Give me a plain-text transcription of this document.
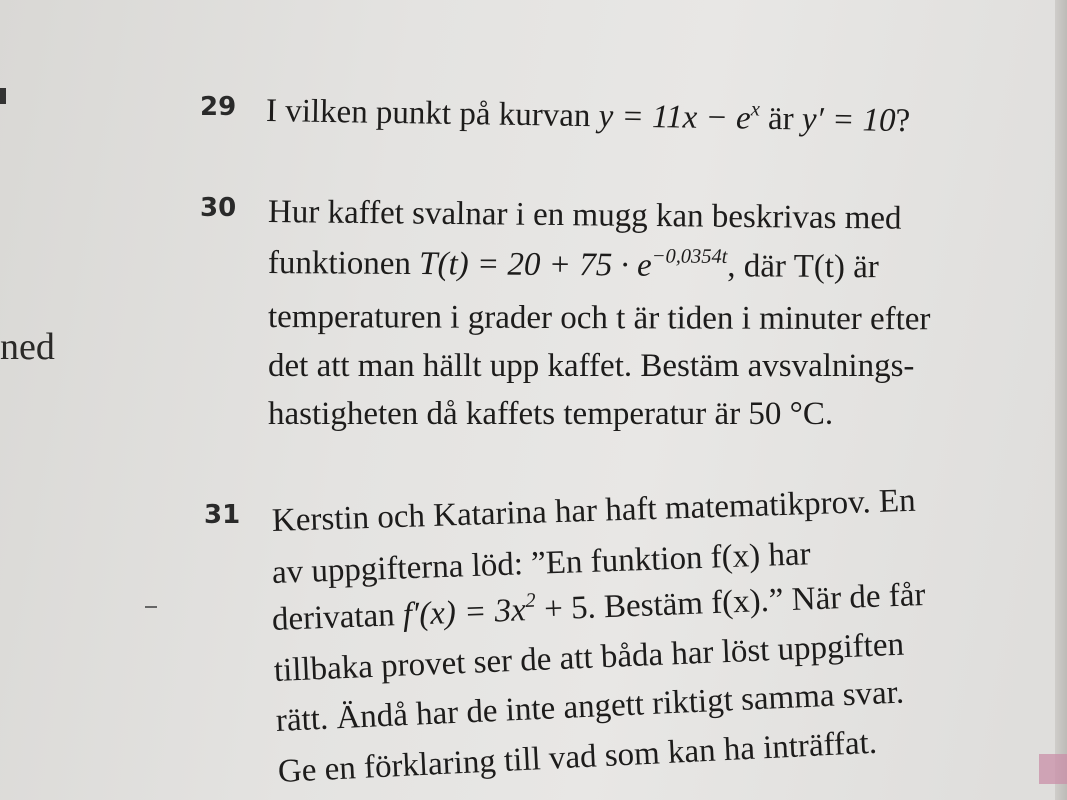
ned
29 I vilken punkt på kurvan $y = 11x - e^x$ är y′ = 10?
30 Hur kaffet svalnar i en mugg kan beskrivas med
funktionen $T(t) = 20 + 75 \cdot e^{-0,0354t}$, där T(t) är
temperaturen i grader och t är tiden i minuter efter
det att man hällt upp kaffet. Bestäm avsvalnings-
hastigheten då kaffets temperatur är 50 °C.
31 Kerstin och Katarina har haft matematikprov. En
av uppgifterna löd: ”En funktion f(x) har
derivatan $f'(x) = 3x^2 + 5$. Bestäm f(x).” När de får
tillbaka provet ser de att båda har löst uppgiften
rätt. Ändå har de inte angett riktigt samma svar.
Ge en förklaring till vad som kan ha inträffat.
